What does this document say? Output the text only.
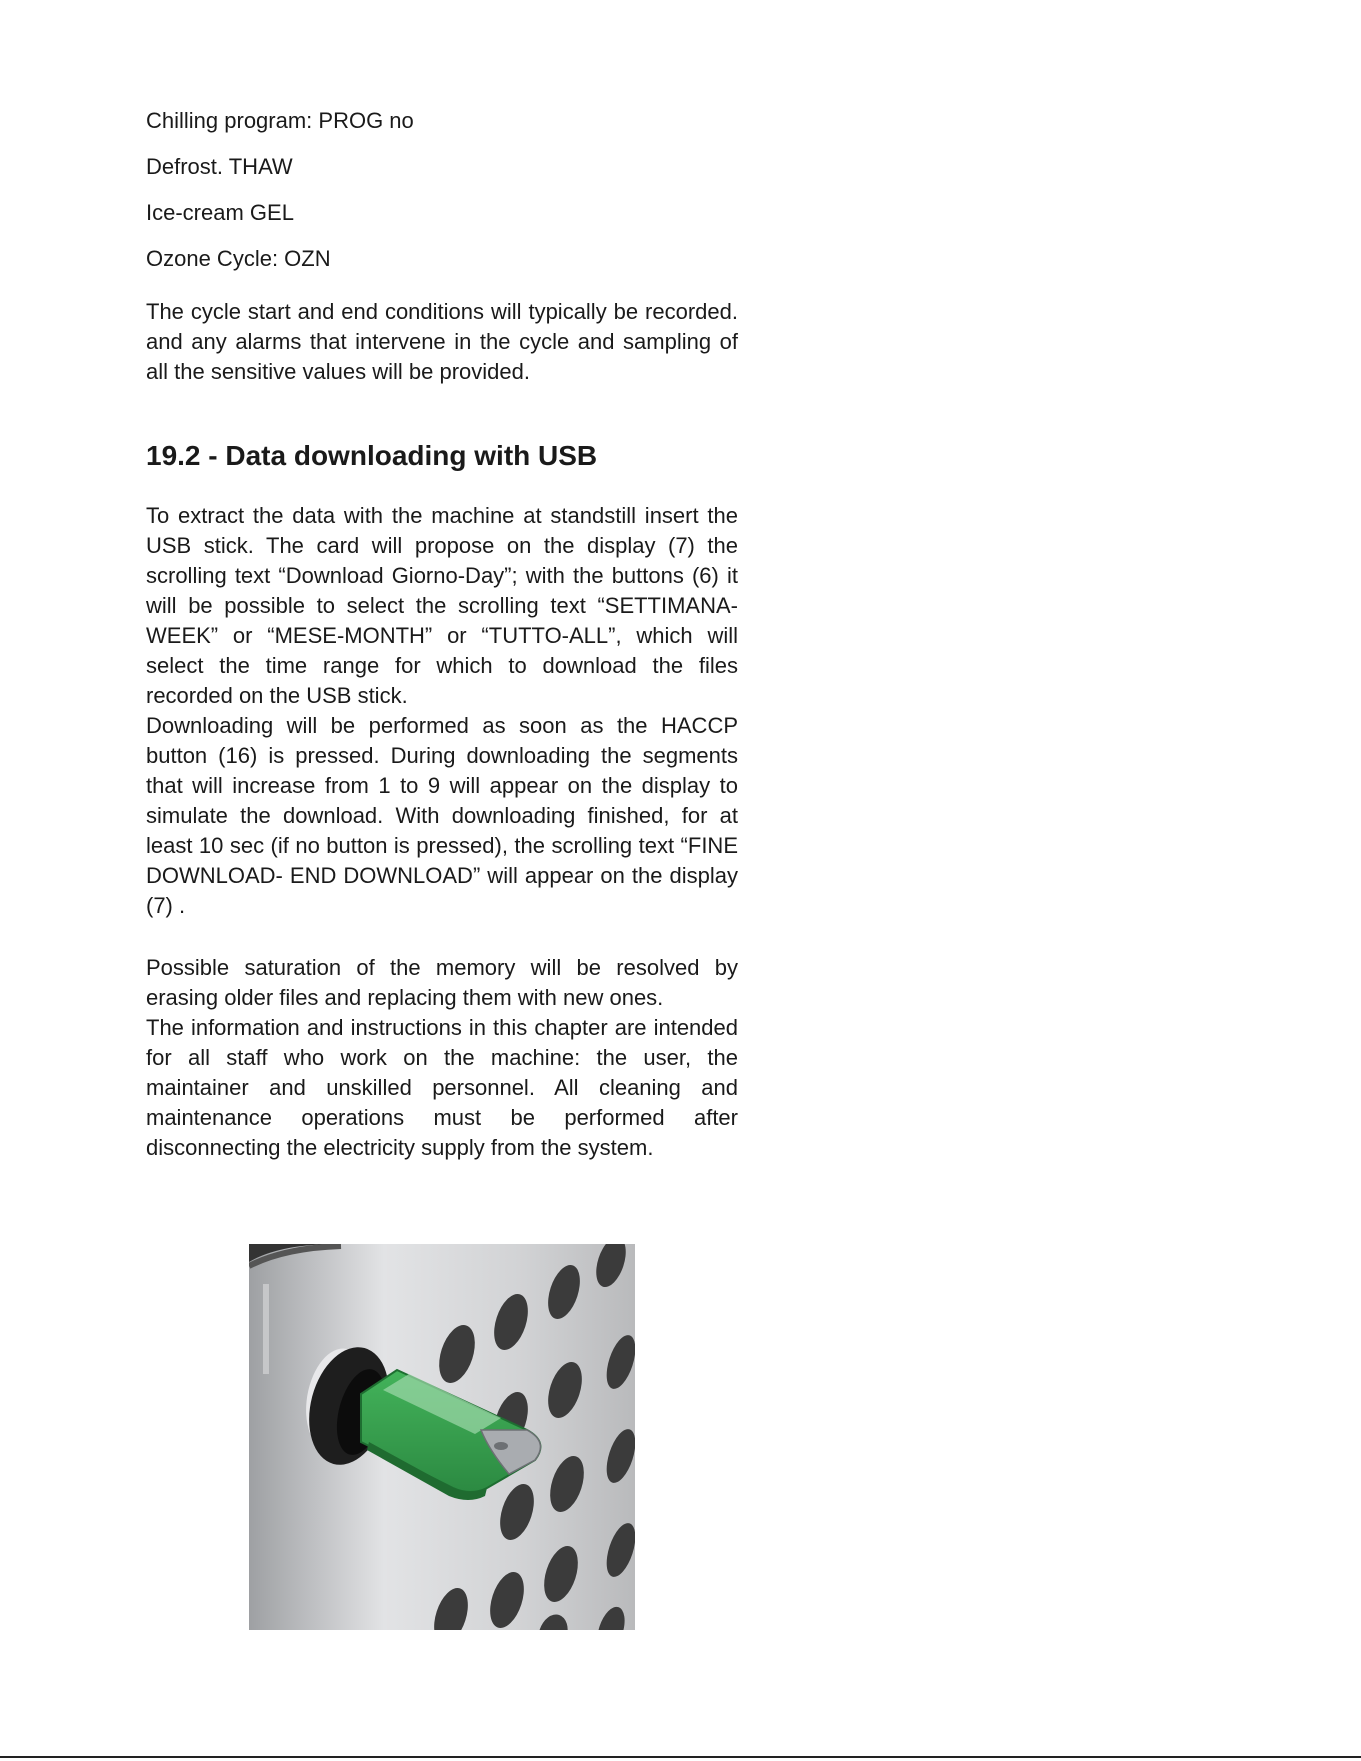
Chilling program: PROG no
Defrost. THAW
Ice-cream GEL
Ozone Cycle: OZN
The cycle start and end conditions will typically be recorded. and any alarms that intervene in the cycle and sampling of all the sensitive values will be provided.
19.2 - Data downloading with USB

To extract the data with the machine at standstill insert the USB stick. The card will propose on the display (7) the scrolling text “Download Giorno-Day”; with the buttons (6) it will be possible to select the scrolling text “SETTIMANA-WEEK” or “MESE-MONTH” or “TUTTO-ALL”, which will select the time range for which to download the files recorded on the USB stick.

Downloading will be performed as soon as the HACCP button (16) is pressed. During downloading the segments that will increase from 1 to 9 will appear on the display to simulate the download. With downloading finished, for at least 10 sec (if no button is pressed), the scrolling text “FINE DOWNLOAD- END DOWNLOAD” will appear on the display (7) .

Possible saturation of the memory will be resolved by erasing older files and replacing them with new ones.

The information and instructions in this chapter are intended for all staff who work on the machine: the user, the maintainer and unskilled personnel. All cleaning and maintenance operations must be performed after disconnecting the electricity supply from the system.
